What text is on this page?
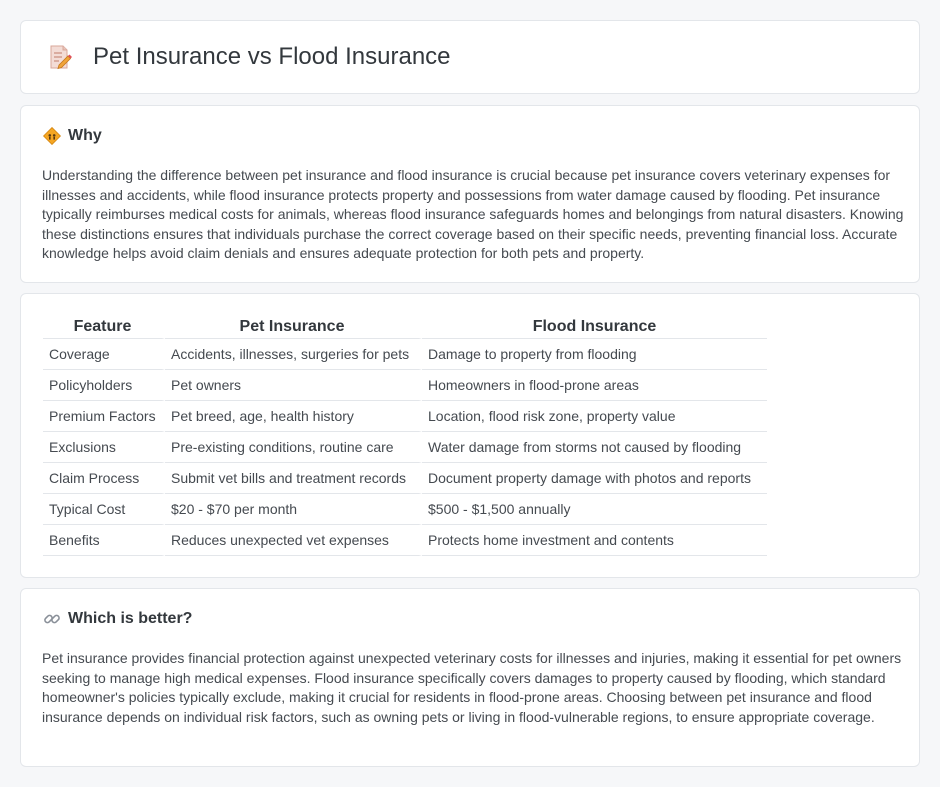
Pet Insurance vs Flood Insurance
Why

Understanding the difference between pet insurance and flood insurance is crucial because pet insurance covers veterinary expenses for illnesses and accidents, while flood insurance protects property and possessions from water damage caused by flooding. Pet insurance typically reimburses medical costs for animals, whereas flood insurance safeguards homes and belongings from natural disasters. Knowing these distinctions ensures that individuals purchase the correct coverage based on their specific needs, preventing financial loss. Accurate knowledge helps avoid claim denials and ensures adequate protection for both pets and property.

Feature	Pet Insurance	Flood Insurance
Coverage	Accidents, illnesses, surgeries for pets	Damage to property from flooding
Policyholders	Pet owners	Homeowners in flood-prone areas
Premium Factors	Pet breed, age, health history	Location, flood risk zone, property value
Exclusions	Pre-existing conditions, routine care	Water damage from storms not caused by flooding
Claim Process	Submit vet bills and treatment records	Document property damage with photos and reports
Typical Cost	$20 - $70 per month	$500 - $1,500 annually
Benefits	Reduces unexpected vet expenses	Protects home investment and contents
Which is better?

Pet insurance provides financial protection against unexpected veterinary costs for illnesses and injuries, making it essential for pet owners seeking to manage high medical expenses. Flood insurance specifically covers damages to property caused by flooding, which standard homeowner's policies typically exclude, making it crucial for residents in flood-prone areas. Choosing between pet insurance and flood insurance depends on individual risk factors, such as owning pets or living in flood-vulnerable regions, to ensure appropriate coverage.
